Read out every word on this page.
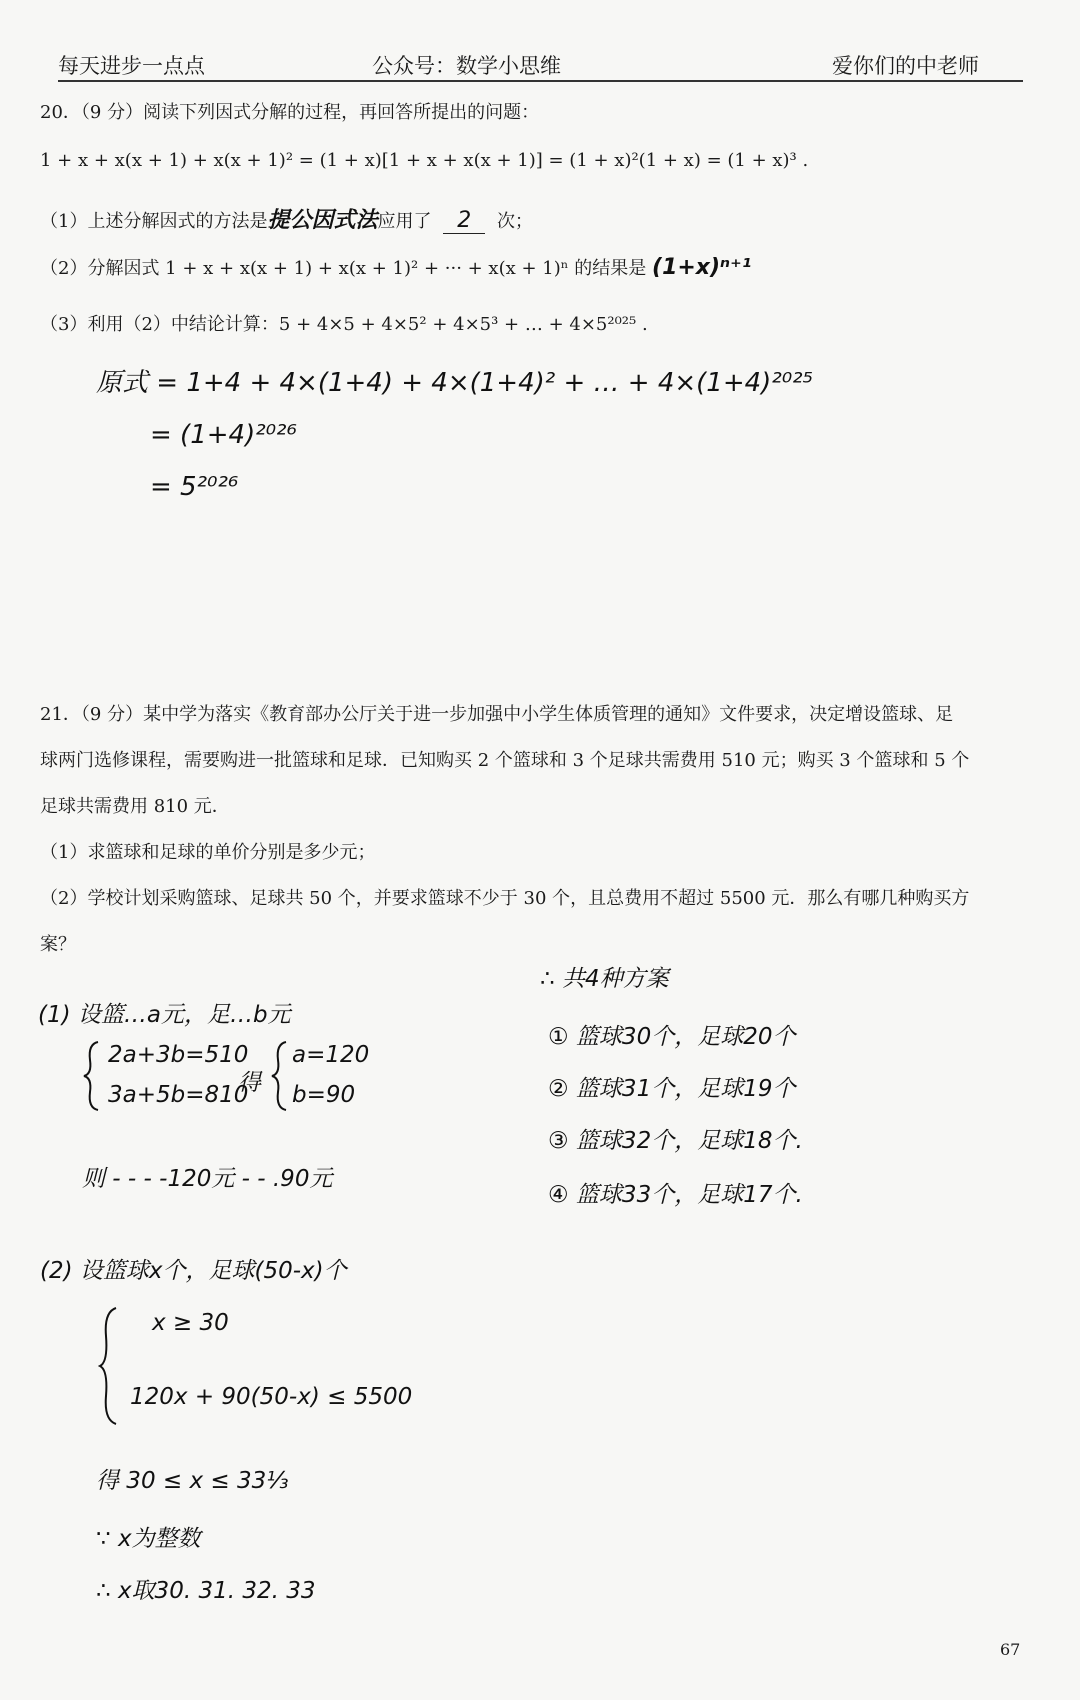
每天进步一点点	公众号：数学小思维	爱你们的中老师
20．（9 分）阅读下列因式分解的过程，再回答所提出的问题：
1 + x + x(x + 1) + x(x + 1)² = (1 + x)[1 + x + x(x + 1)] = (1 + x)²(1 + x) = (1 + x)³ .
（1）上述分解因式的方法是提公因式法应用了 2 次；
（2）分解因式 1 + x + x(x + 1) + x(x + 1)² + ··· + x(x + 1)ⁿ 的结果是 (1+x)ⁿ⁺¹
（3）利用（2）中结论计算：5 + 4×5 + 4×5² + 4×5³ + … + 4×5²⁰²⁵ .
原式 = 1+4 + 4×(1+4) + 4×(1+4)² + … + 4×(1+4)²⁰²⁵
= (1+4)²⁰²⁶
= 5²⁰²⁶
21．（9 分）某中学为落实《教育部办公厅关于进一步加强中小学生体质管理的通知》文件要求，决定增设篮球、足
球两门选修课程，需要购进一批篮球和足球．已知购买 2 个篮球和 3 个足球共需费用 510 元；购买 3 个篮球和 5 个
足球共需费用 810 元．
（1）求篮球和足球的单价分别是多少元；
（2）学校计划采购篮球、足球共 50 个，并要求篮球不少于 30 个，且总费用不超过 5500 元．那么有哪几种购买方
案？
(1) 设篮…a元，足…b元
2a+3b=510
3a+5b=810
得
a=120
b=90
则 - - - -120元 - - .90元
∴ 共4种方案
① 篮球30个，足球20个
② 篮球31个，足球19个
③ 篮球32个，足球18个.
④ 篮球33个，足球17个.
(2) 设篮球x个，足球(50-x)个
x ≥ 30
120x + 90(50-x) ≤ 5500
得 30 ≤ x ≤ 33⅓
∵ x为整数
∴ x取30. 31. 32. 33
67
